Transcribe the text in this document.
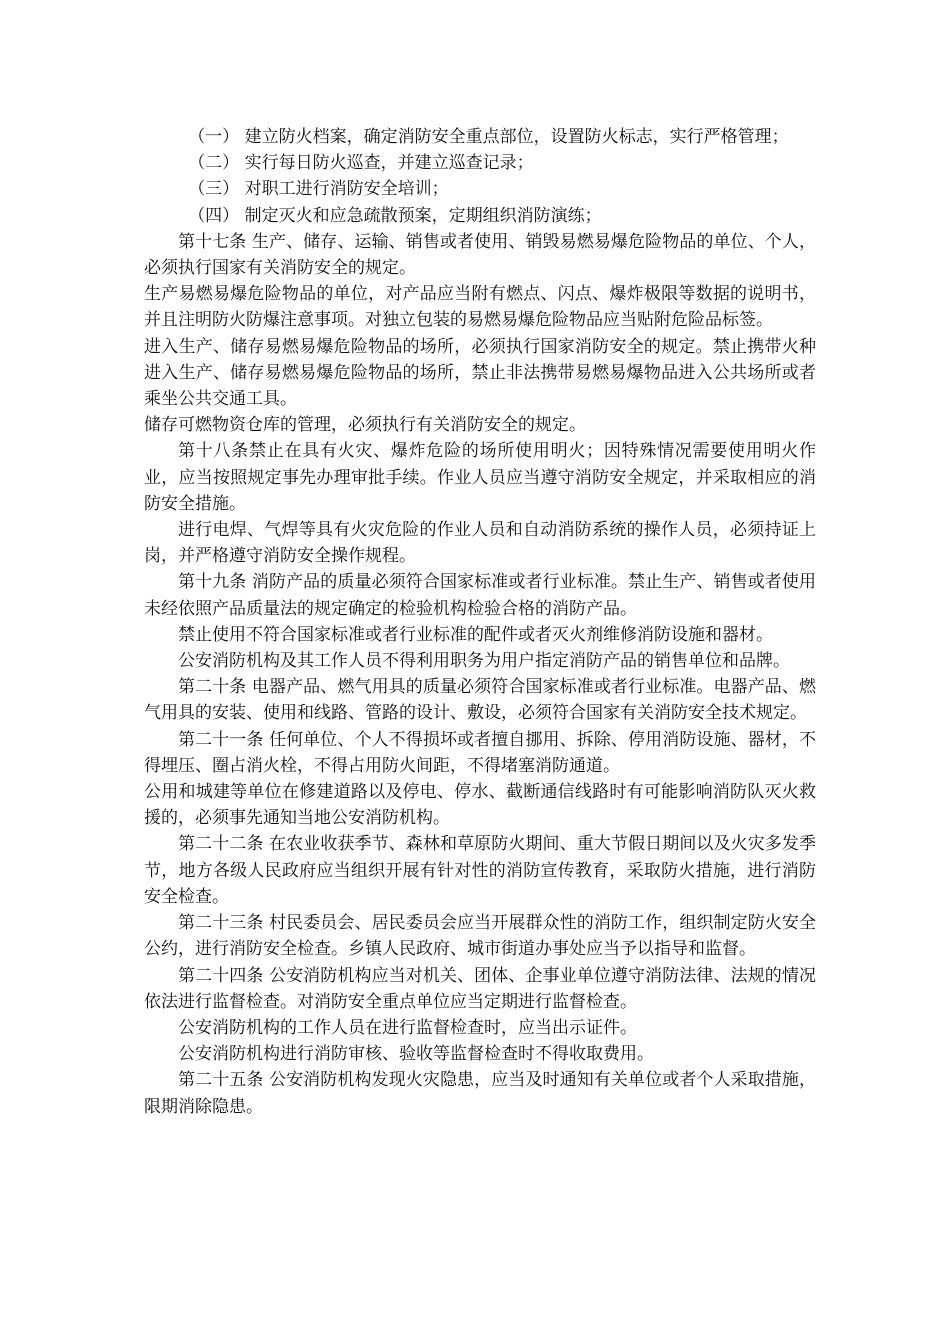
（一） 建立防火档案，确定消防安全重点部位，设置防火标志，实行严格管理；

（二） 实行每日防火巡查，并建立巡查记录；

（三） 对职工进行消防安全培训；

（四） 制定灭火和应急疏散预案，定期组织消防演练；

第十七条 生产、储存、运输、销售或者使用、销毁易燃易爆危险物品的单位、个人，必须执行国家有关消防安全的规定。

生产易燃易爆危险物品的单位，对产品应当附有燃点、闪点、爆炸极限等数据的说明书，并且注明防火防爆注意事项。对独立包装的易燃易爆危险物品应当贴附危险品标签。

进入生产、储存易燃易爆危险物品的场所，必须执行国家消防安全的规定。禁止携带火种进入生产、储存易燃易爆危险物品的场所，禁止非法携带易燃易爆物品进入公共场所或者乘坐公共交通工具。

储存可燃物资仓库的管理，必须执行有关消防安全的规定。

第十八条禁止在具有火灾、爆炸危险的场所使用明火；因特殊情况需要使用明火作业，应当按照规定事先办理审批手续。作业人员应当遵守消防安全规定，并采取相应的消防安全措施。

进行电焊、气焊等具有火灾危险的作业人员和自动消防系统的操作人员，必须持证上岗，并严格遵守消防安全操作规程。

第十九条 消防产品的质量必须符合国家标准或者行业标准。禁止生产、销售或者使用未经依照产品质量法的规定确定的检验机构检验合格的消防产品。

禁止使用不符合国家标准或者行业标准的配件或者灭火剂维修消防设施和器材。

公安消防机构及其工作人员不得利用职务为用户指定消防产品的销售单位和品牌。

第二十条 电器产品、燃气用具的质量必须符合国家标准或者行业标准。电器产品、燃气用具的安装、使用和线路、管路的设计、敷设，必须符合国家有关消防安全技术规定。

第二十一条 任何单位、个人不得损坏或者擅自挪用、拆除、停用消防设施、器材，不得埋压、圈占消火栓，不得占用防火间距，不得堵塞消防通道。

公用和城建等单位在修建道路以及停电、停水、截断通信线路时有可能影响消防队灭火救援的，必须事先通知当地公安消防机构。

第二十二条 在农业收获季节、森林和草原防火期间、重大节假日期间以及火灾多发季节，地方各级人民政府应当组织开展有针对性的消防宣传教育，采取防火措施，进行消防安全检查。

第二十三条 村民委员会、居民委员会应当开展群众性的消防工作，组织制定防火安全公约，进行消防安全检查。乡镇人民政府、城市街道办事处应当予以指导和监督。

第二十四条 公安消防机构应当对机关、团体、企事业单位遵守消防法律、法规的情况依法进行监督检查。对消防安全重点单位应当定期进行监督检查。

公安消防机构的工作人员在进行监督检查时，应当出示证件。

公安消防机构进行消防审核、验收等监督检查时不得收取费用。

第二十五条 公安消防机构发现火灾隐患，应当及时通知有关单位或者个人采取措施，限期消除隐患。
